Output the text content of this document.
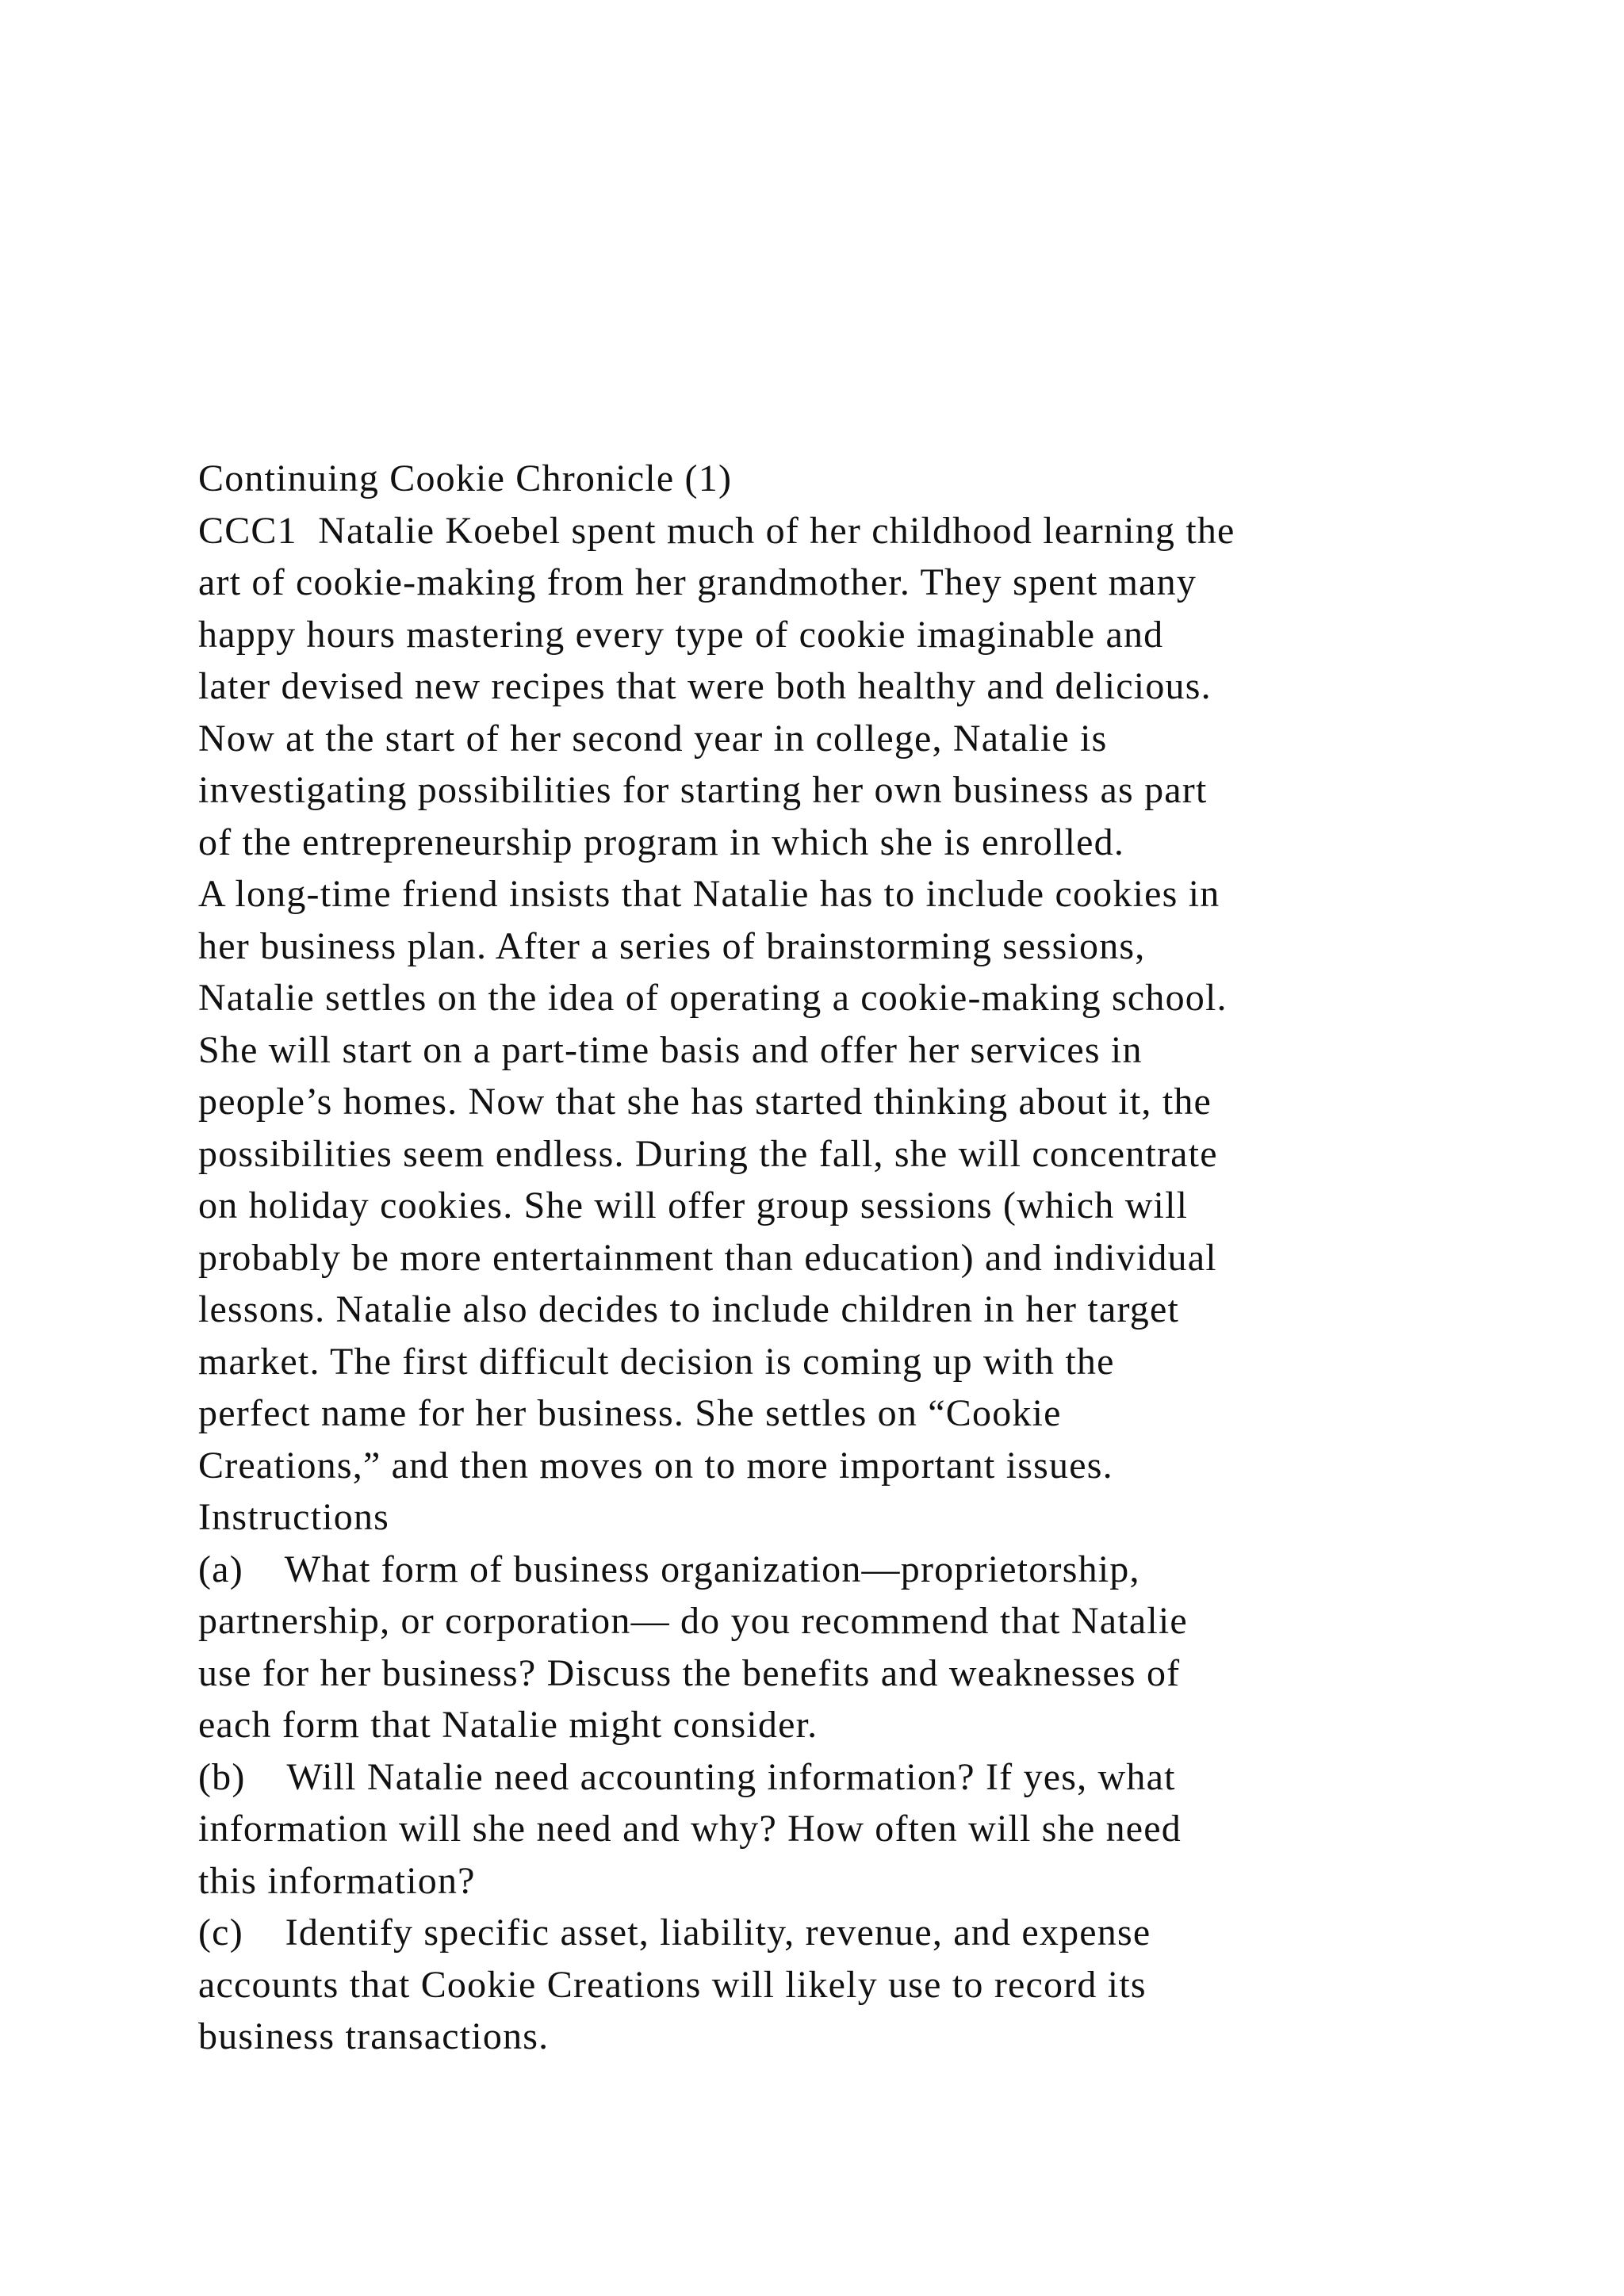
Continuing Cookie Chronicle (1)
CCC1  Natalie Koebel spent much of her childhood learning the
art of cookie-making from her grandmother. They spent many
happy hours mastering every type of cookie imaginable and
later devised new recipes that were both healthy and delicious.
Now at the start of her second year in college, Natalie is
investigating possibilities for starting her own business as part
of the entrepreneurship program in which she is enrolled.
A long-time friend insists that Natalie has to include cookies in
her business plan. After a series of brainstorming sessions,
Natalie settles on the idea of operating a cookie-making school.
She will start on a part-time basis and offer her services in
people’s homes. Now that she has started thinking about it, the
possibilities seem endless. During the fall, she will concentrate
on holiday cookies. She will offer group sessions (which will
probably be more entertainment than education) and individual
lessons. Natalie also decides to include children in her target
market. The first difficult decision is coming up with the
perfect name for her business. She settles on “Cookie
Creations,” and then moves on to more important issues.
Instructions
(a)    What form of business organization—proprietorship,
partnership, or corporation— do you recommend that Natalie
use for her business? Discuss the benefits and weaknesses of
each form that Natalie might consider.
(b)    Will Natalie need accounting information? If yes, what
information will she need and why? How often will she need
this information?
(c)    Identify specific asset, liability, revenue, and expense
accounts that Cookie Creations will likely use to record its
business transactions.
